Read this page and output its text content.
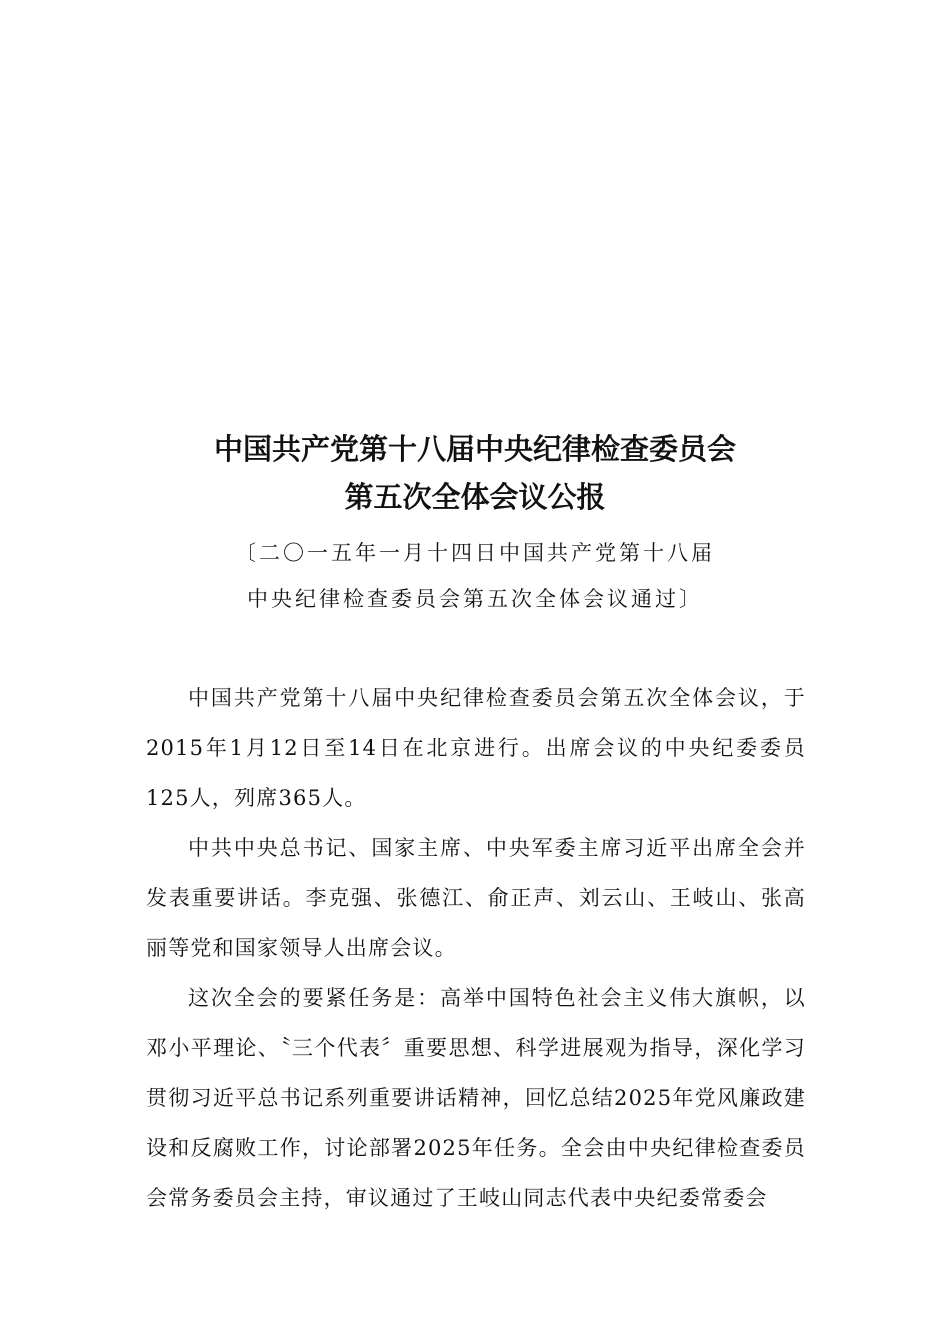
中国共产党第十八届中央纪律检查委员会
第五次全体会议公报
〔二〇一五年一月十四日中国共产党第十八届
中央纪律检查委员会第五次全体会议通过〕

中国共产党第十八届中央纪律检查委员会第五次全体会议，于2015年1月12日至14日在北京进行。出席会议的中央纪委委员125人，列席365人。

中共中央总书记、国家主席、中央军委主席习近平出席全会并发表重要讲话。李克强、张德江、俞正声、刘云山、王岐山、张高丽等党和国家领导人出席会议。

这次全会的要紧任务是：高举中国特色社会主义伟大旗帜，以邓小平理论、〝三个代表〞重要思想、科学进展观为指导，深化学习贯彻习近平总书记系列重要讲话精神，回忆总结2025年党风廉政建设和反腐败工作，讨论部署2025年任务。全会由中央纪律检查委员会常务委员会主持，审议通过了王岐山同志代表中央纪委常委会
